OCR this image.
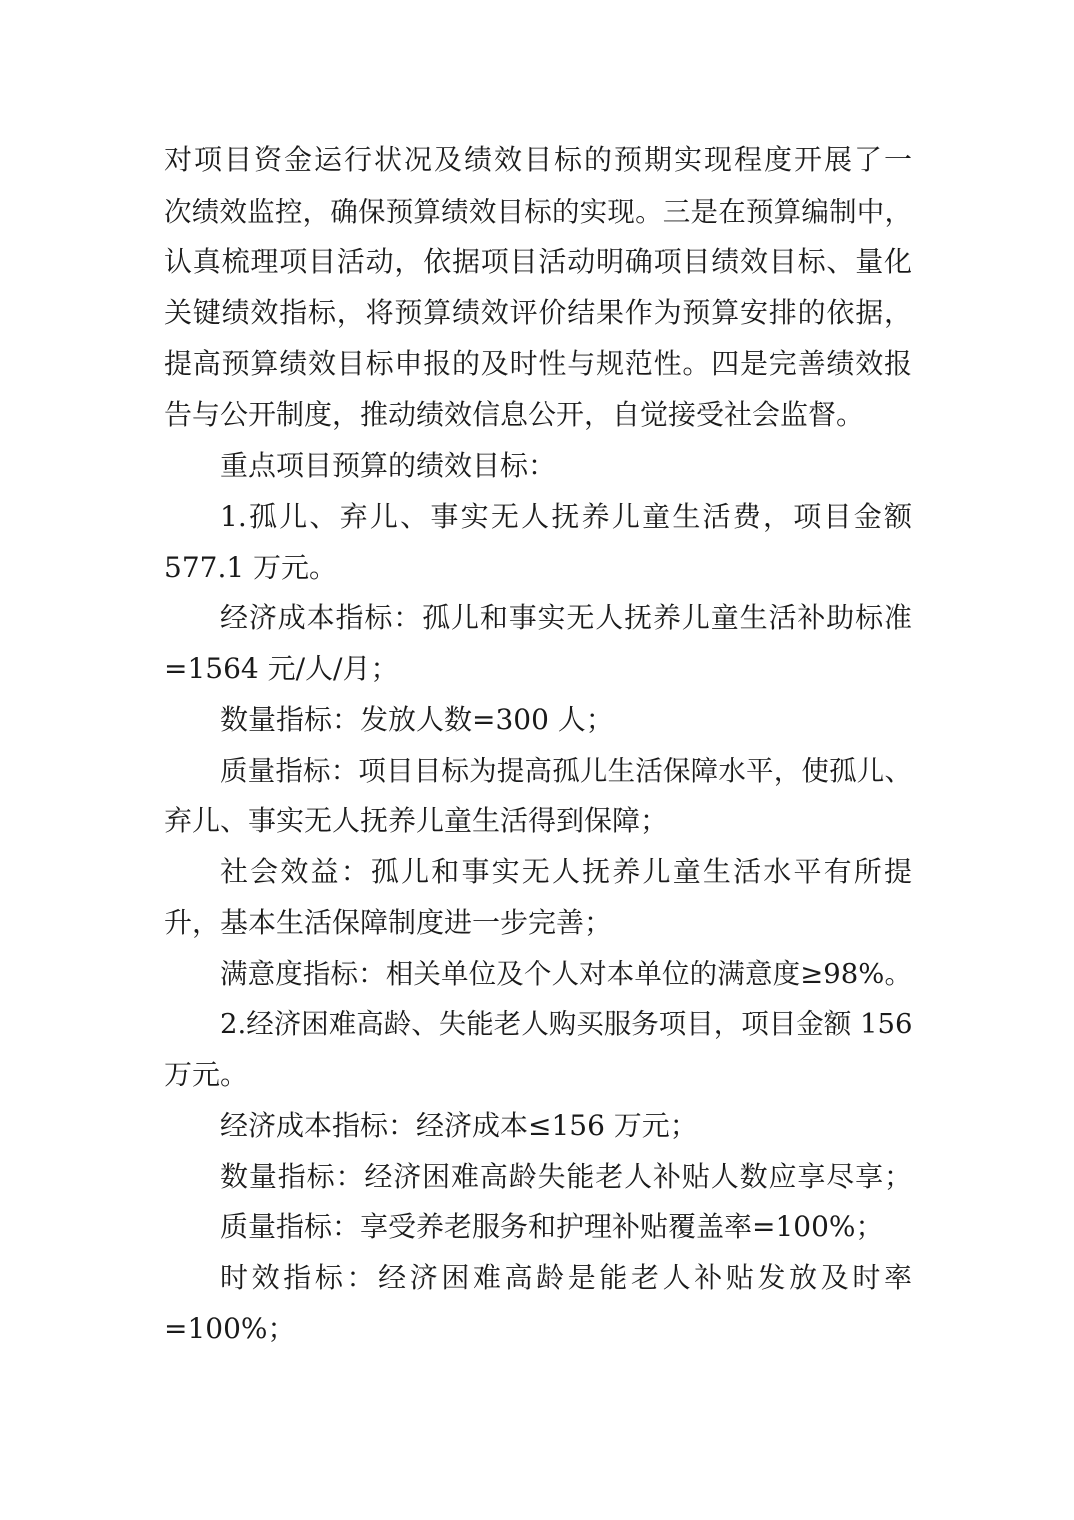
对项目资金运行状况及绩效目标的预期实现程度开展了一
次绩效监控，确保预算绩效目标的实现。三是在预算编制中，
认真梳理项目活动，依据项目活动明确项目绩效目标、量化
关键绩效指标，将预算绩效评价结果作为预算安排的依据，
提高预算绩效目标申报的及时性与规范性。四是完善绩效报
告与公开制度，推动绩效信息公开，自觉接受社会监督。
重点项目预算的绩效目标：
1.孤儿、弃儿、事实无人抚养儿童生活费，项目金额
577.1 万元。
经济成本指标：孤儿和事实无人抚养儿童生活补助标准
=1564 元/人/月；
数量指标：发放人数=300 人；
质量指标：项目目标为提高孤儿生活保障水平，使孤儿、
弃儿、事实无人抚养儿童生活得到保障；
社会效益：孤儿和事实无人抚养儿童生活水平有所提
升，基本生活保障制度进一步完善；
满意度指标：相关单位及个人对本单位的满意度≥98%。
2.经济困难高龄、失能老人购买服务项目，项目金额 156
万元。
经济成本指标：经济成本≤156 万元；
数量指标：经济困难高龄失能老人补贴人数应享尽享；
质量指标：享受养老服务和护理补贴覆盖率=100%；
时效指标：经济困难高龄是能老人补贴发放及时率
=100%；
